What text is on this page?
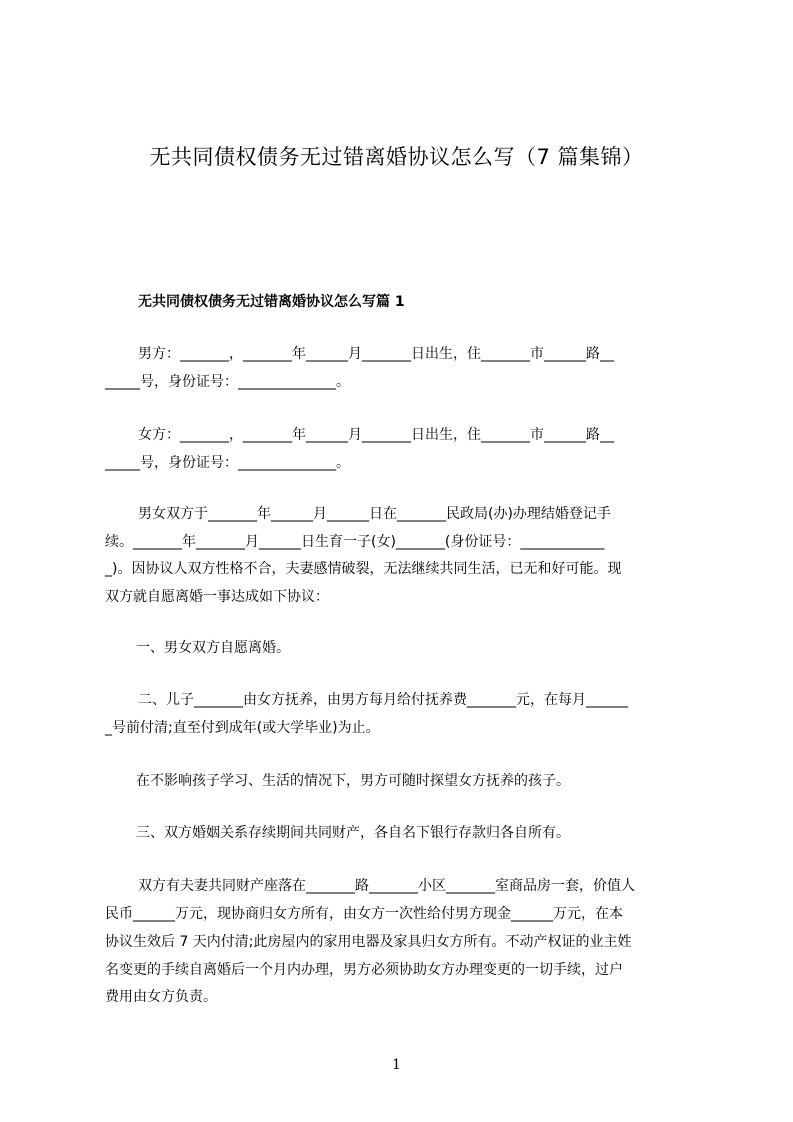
无共同债权债务无过错离婚协议怎么写（7 篇集锦）
无共同债权债务无过错离婚协议怎么写篇 1
男方：_______，_______年______月_______日出生，住_______市______路__
_____号，身份证号：______________。
女方：_______，_______年______月_______日出生，住_______市______路__
_____号，身份证号：______________。
男女双方于_______年______月______日在_______民政局(办)办理结婚登记手
续。_______年_______月______日生育一子(女)_______(身份证号：____________
_)。因协议人双方性格不合，夫妻感情破裂，无法继续共同生活，已无和好可能。现
双方就自愿离婚一事达成如下协议：
一、男女双方自愿离婚。
二、儿子_______由女方抚养，由男方每月给付抚养费_______元，在每月______
_号前付清;直至付到成年(或大学毕业)为止。
在不影响孩子学习、生活的情况下，男方可随时探望女方抚养的孩子。
三、双方婚姻关系存续期间共同财产，各自名下银行存款归各自所有。
双方有夫妻共同财产座落在_______路_______小区_______室商品房一套，价值人
民币______万元，现协商归女方所有，由女方一次性给付男方现金______万元，在本
协议生效后 7 天内付清;此房屋内的家用电器及家具归女方所有。不动产权证的业主姓
名变更的手续自离婚后一个月内办理，男方必须协助女方办理变更的一切手续，过户
费用由女方负责。
1
